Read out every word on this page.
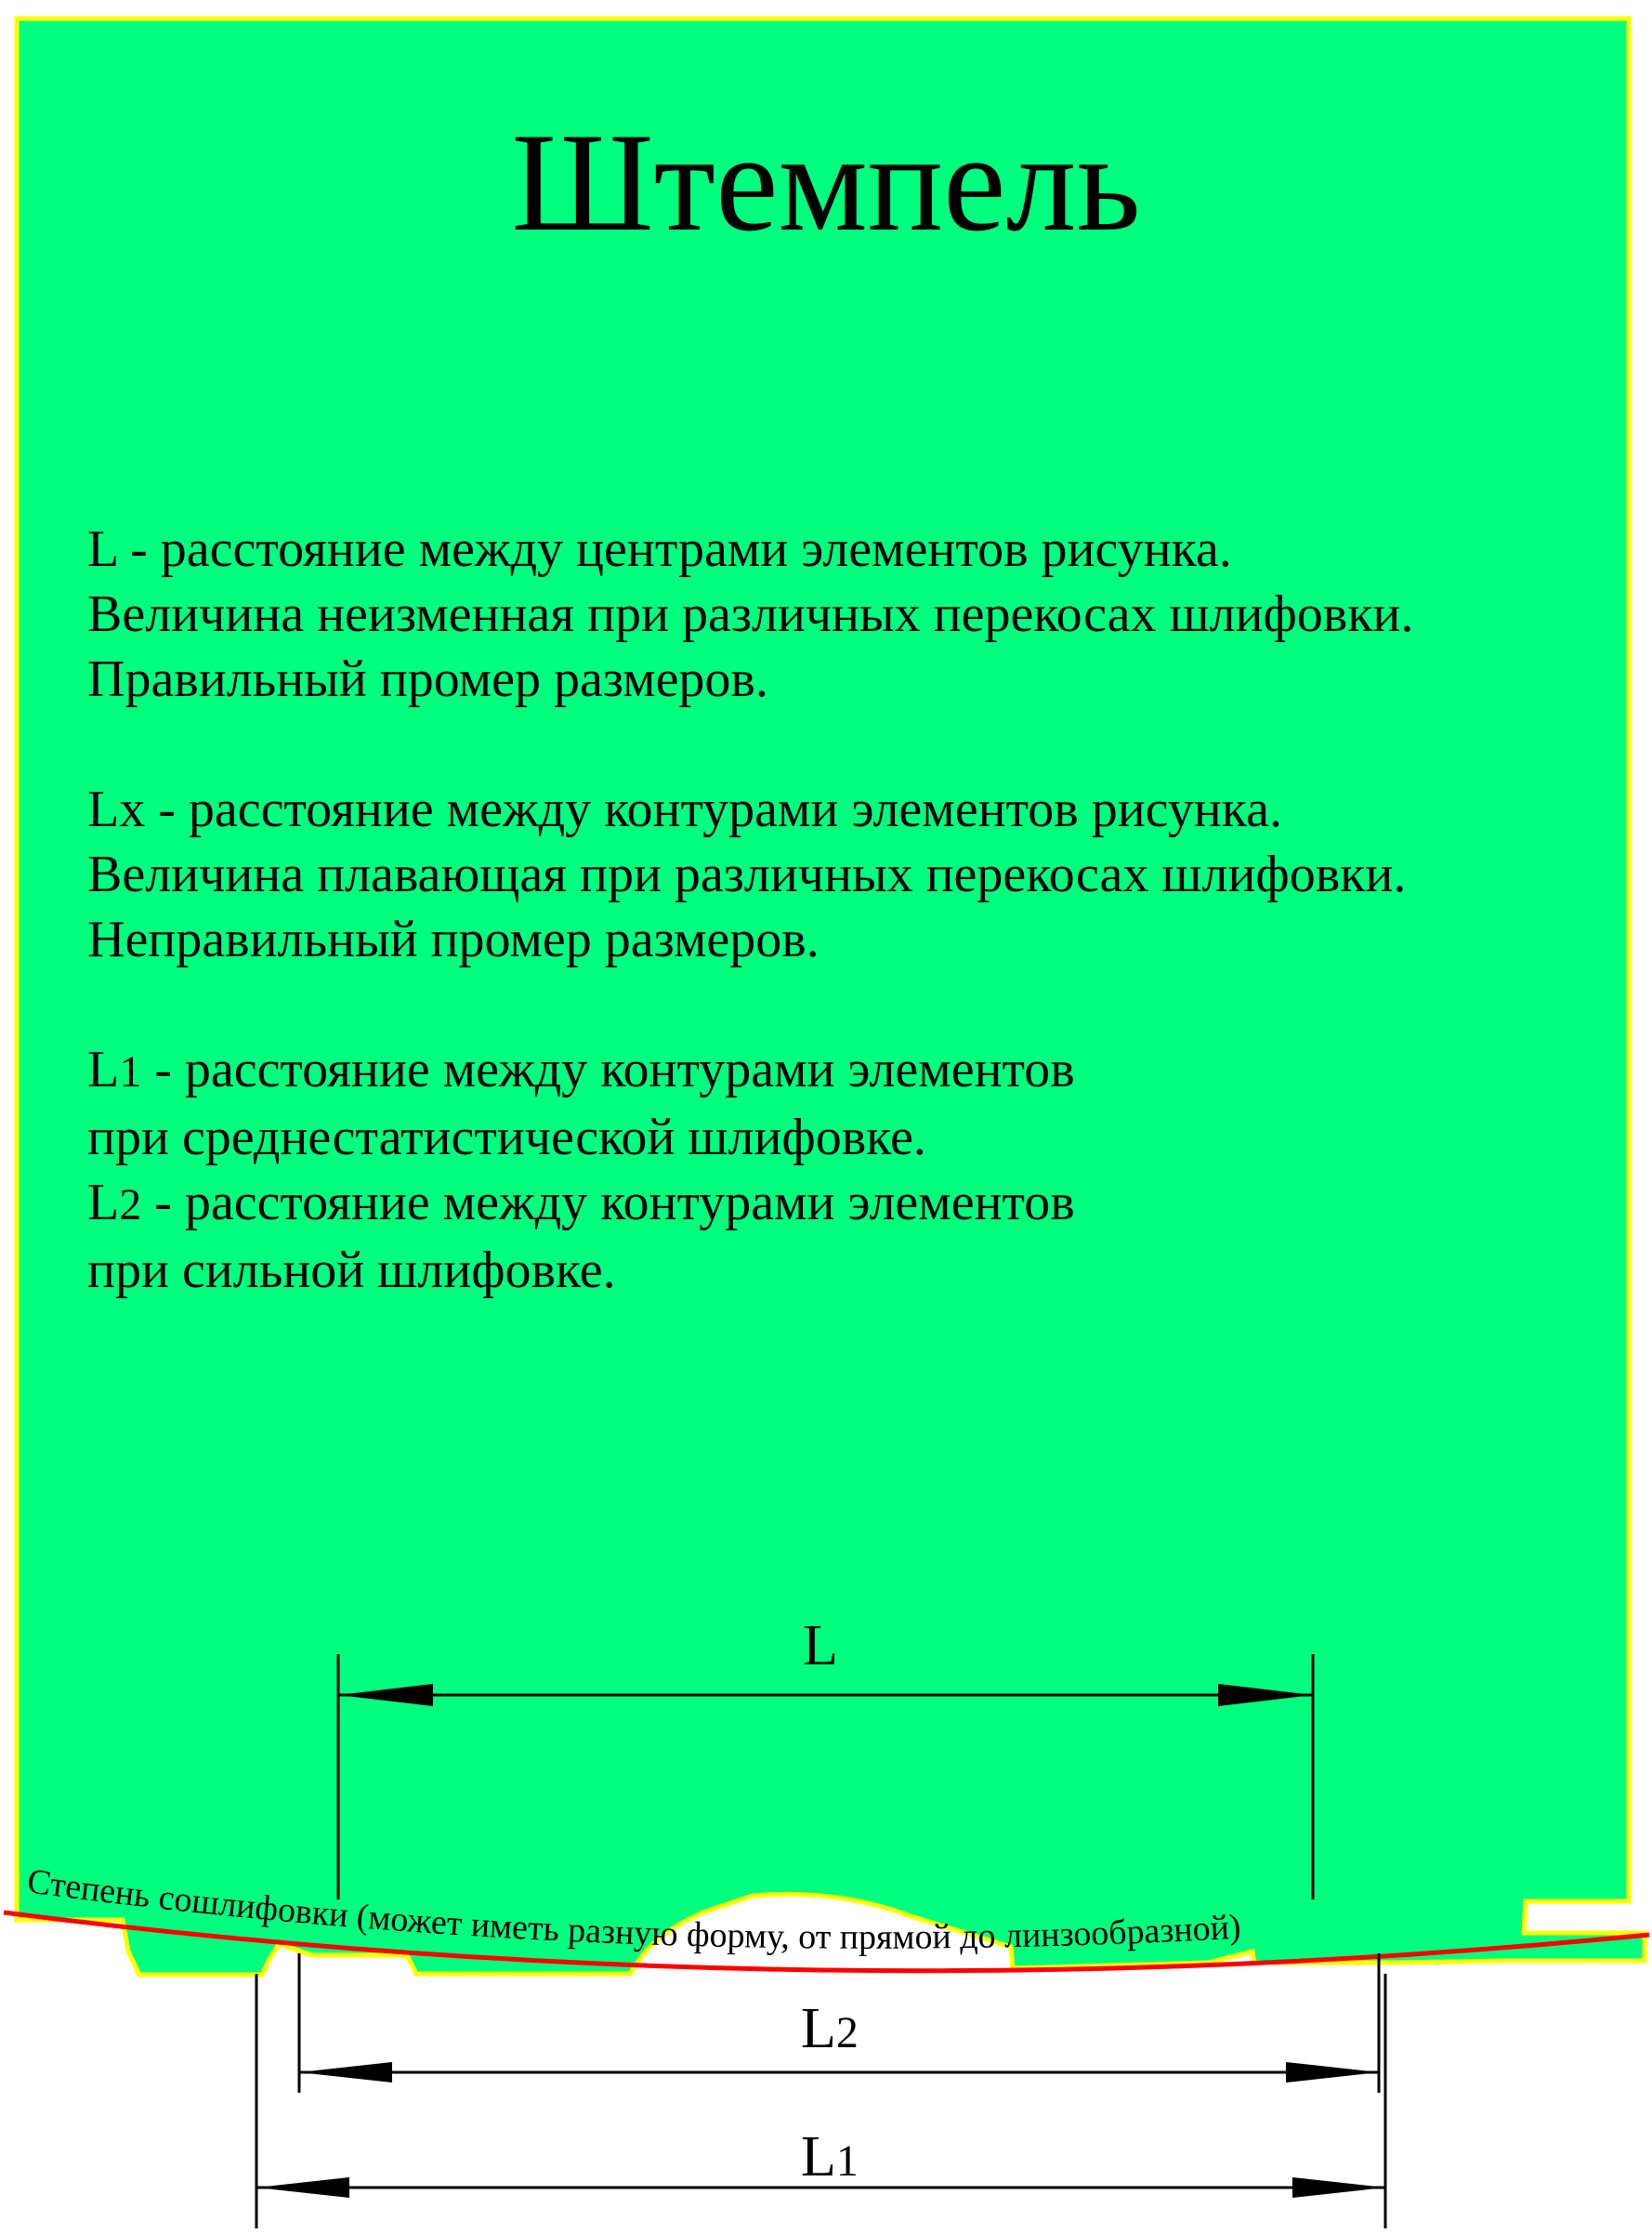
Степень сошлифовки (может иметь разную форму, от прямой до линзообразной)
Штемпель
L - расстояние между центрами элементов рисунка.
Величина неизменная при различных перекосах шлифовки.
Правильный промер размеров.
Lx - расстояние между контурами элементов рисунка.
Величина плавающая при различных перекосах шлифовки.
Неправильный промер размеров.
L1 - расстояние между контурами элементов
при среднестатистической шлифовке.
L2 - расстояние между контурами элементов
при сильной шлифовке.
L
L2
L1
